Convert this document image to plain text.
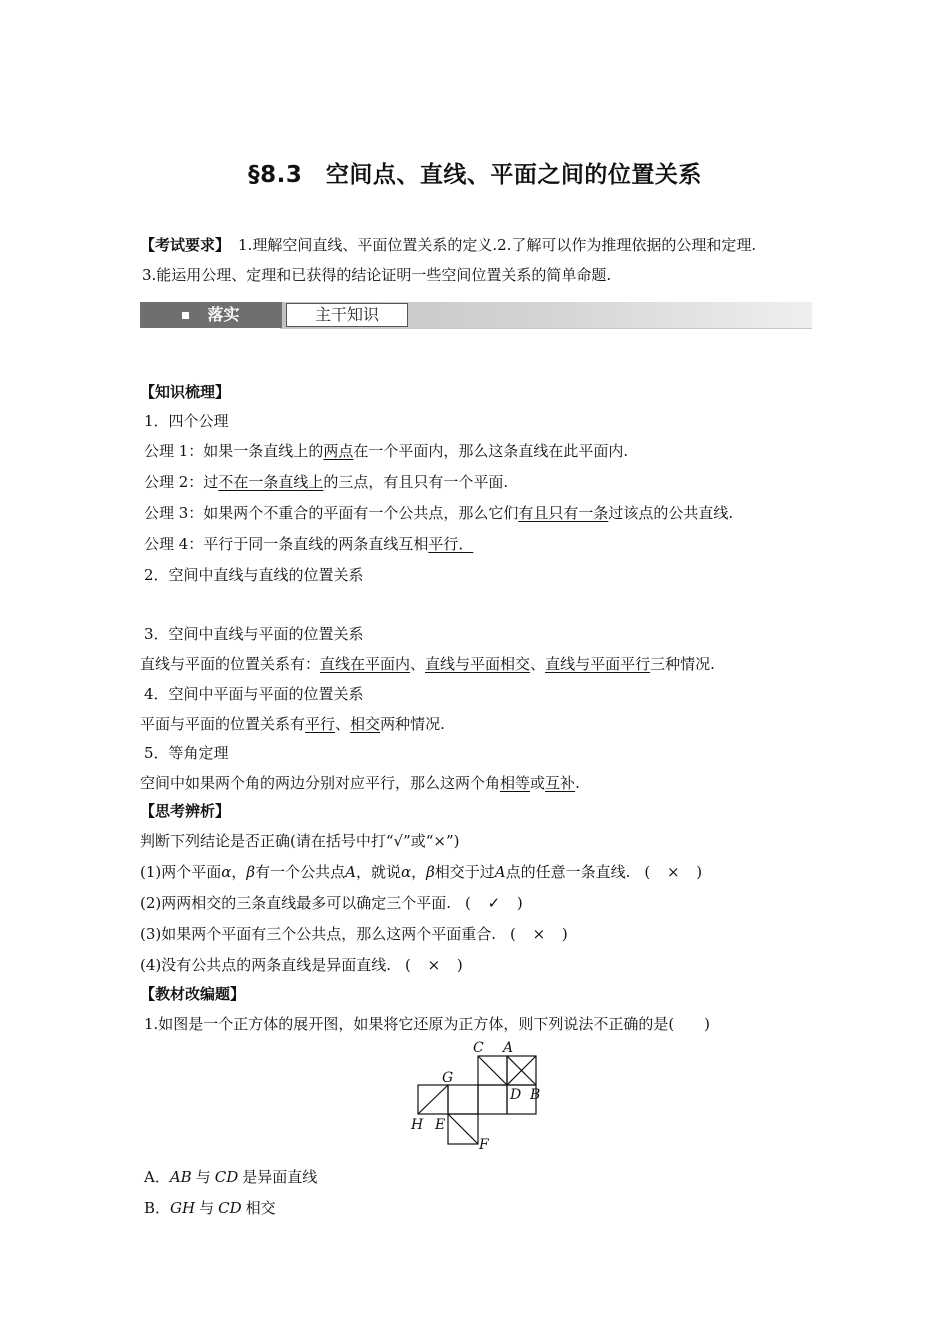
§8.3　空间点、直线、平面之间的位置关系
【考试要求】 1.理解空间直线、平面位置关系的定义.2.了解可以作为推理依据的公理和定理.
3.能运用公理、定理和已获得的结论证明一些空间位置关系的简单命题.
落实	主干知识
【知识梳理】
1．四个公理
公理 1：如果一条直线上的两点在一个平面内，那么这条直线在此平面内.
公理 2：过不在一条直线上的三点，有且只有一个平面.
公理 3：如果两个不重合的平面有一个公共点，那么它们有且只有一条过该点的公共直线.
公理 4：平行于同一条直线的两条直线互相平行．
2．空间中直线与直线的位置关系
3．空间中直线与平面的位置关系
直线与平面的位置关系有：直线在平面内、直线与平面相交、直线与平面平行三种情况.
4．空间中平面与平面的位置关系
平面与平面的位置关系有平行、相交两种情况.
5．等角定理
空间中如果两个角的两边分别对应平行，那么这两个角相等或互补.
【思考辨析】
判断下列结论是否正确(请在括号中打“√”或“×”)
(1)两个平面α，β有一个公共点A，就说α，β相交于过A点的任意一条直线. ( × )
(2)两两相交的三条直线最多可以确定三个平面. ( ✓ )
(3)如果两个平面有三个公共点，那么这两个平面重合. ( × )
(4)没有公共点的两条直线是异面直线. ( × )
【教材改编题】
1.如图是一个正方体的展开图，如果将它还原为正方体，则下列说法不正确的是(　　)
C A
G
D B
H E
F
A．AB 与 CD 是异面直线
B．GH 与 CD 相交
